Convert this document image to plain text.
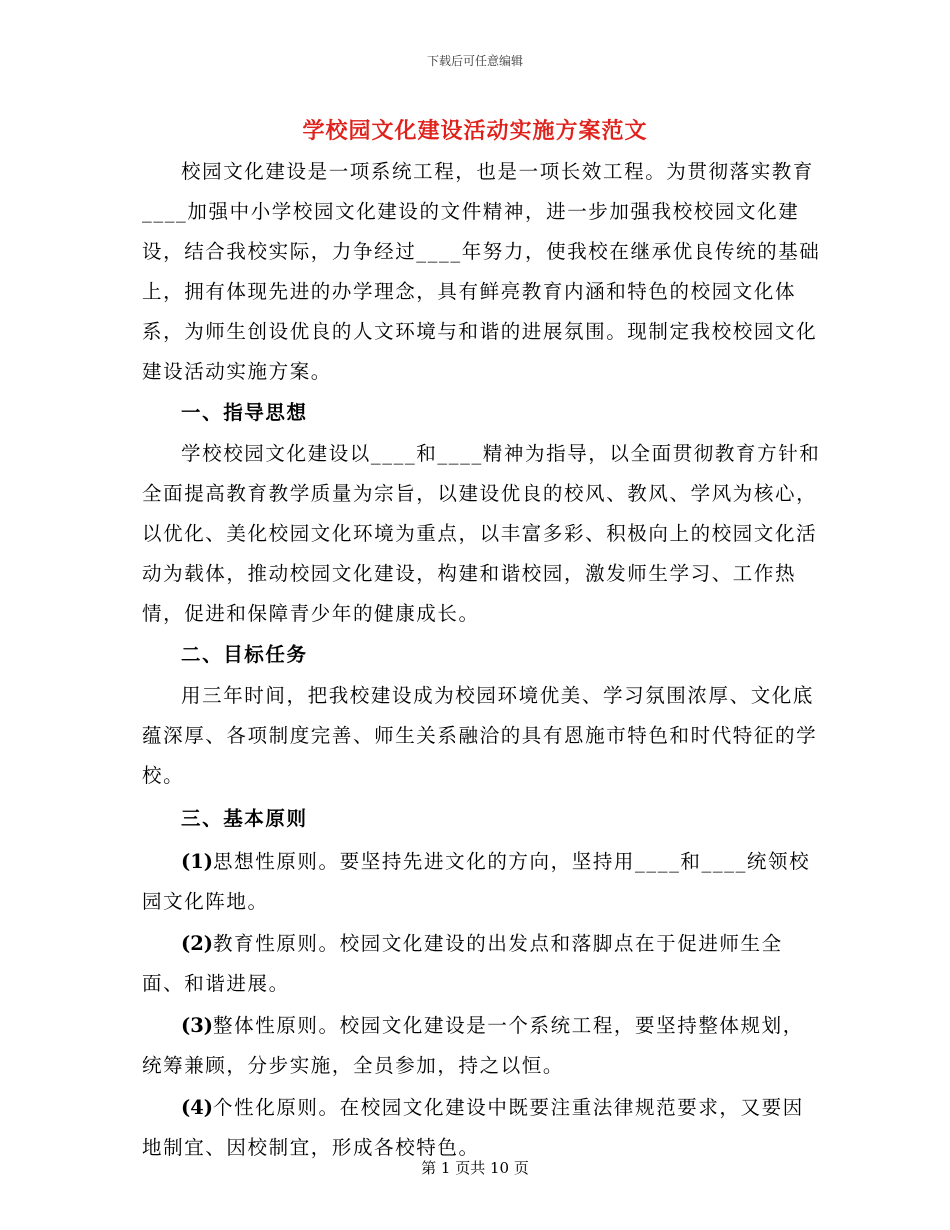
下载后可任意编辑
学校园文化建设活动实施方案范文

校园文化建设是一项系统工程，也是一项长效工程。为贯彻落实教育____加强中小学校园文化建设的文件精神，进一步加强我校校园文化建设，结合我校实际，力争经过____年努力，使我校在继承优良传统的基础上，拥有体现先进的办学理念，具有鲜亮教育内涵和特色的校园文化体系，为师生创设优良的人文环境与和谐的进展氛围。现制定我校校园文化建设活动实施方案。

一、指导思想

学校校园文化建设以____和____精神为指导，以全面贯彻教育方针和全面提高教育教学质量为宗旨，以建设优良的校风、教风、学风为核心，以优化、美化校园文化环境为重点，以丰富多彩、积极向上的校园文化活动为载体，推动校园文化建设，构建和谐校园，激发师生学习、工作热情，促进和保障青少年的健康成长。

二、目标任务

用三年时间，把我校建设成为校园环境优美、学习氛围浓厚、文化底蕴深厚、各项制度完善、师生关系融洽的具有恩施市特色和时代特征的学校。

三、基本原则

(1)思想性原则。要坚持先进文化的方向，坚持用____和____统领校园文化阵地。

(2)教育性原则。校园文化建设的出发点和落脚点在于促进师生全面、和谐进展。

(3)整体性原则。校园文化建设是一个系统工程，要坚持整体规划，统筹兼顾，分步实施，全员参加，持之以恒。

(4)个性化原则。在校园文化建设中既要注重法律规范要求，又要因地制宜、因校制宜，形成各校特色。

第 1 页共 10 页
